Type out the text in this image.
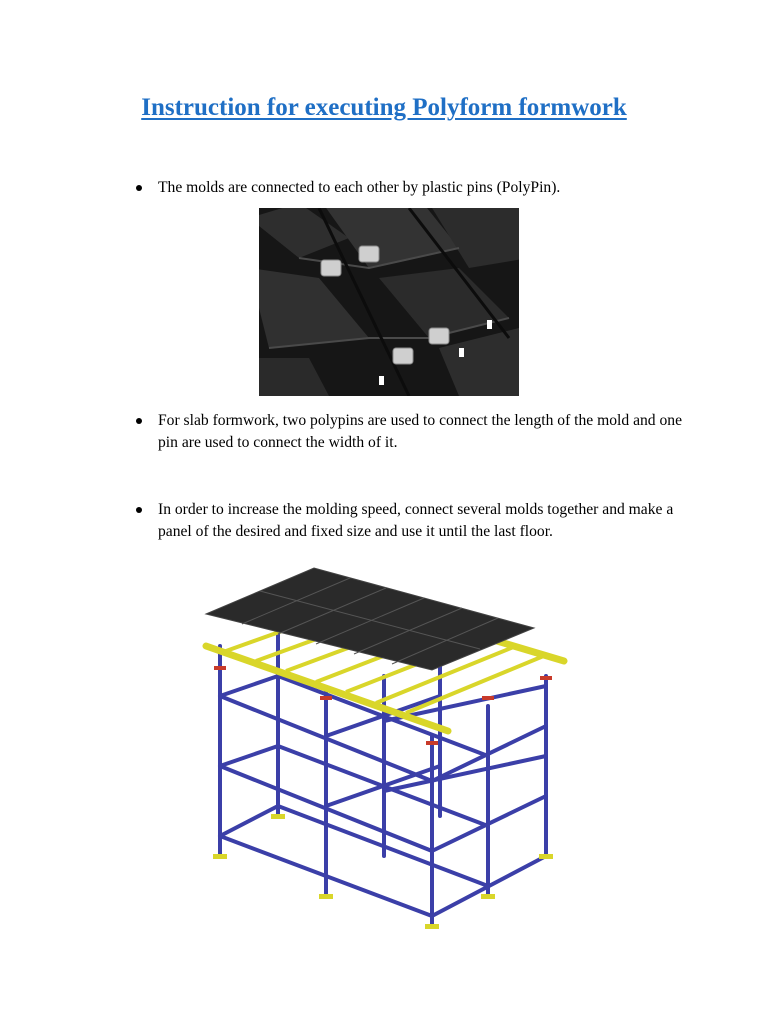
Instruction for executing Polyform formwork
The molds are connected to each other by plastic pins (PolyPin).
For slab formwork, two polypins are used to connect the length of the mold and one pin are used to connect the width of it.
In order to increase the molding speed, connect several molds together and make a panel of the desired and fixed size and use it until the last floor.
